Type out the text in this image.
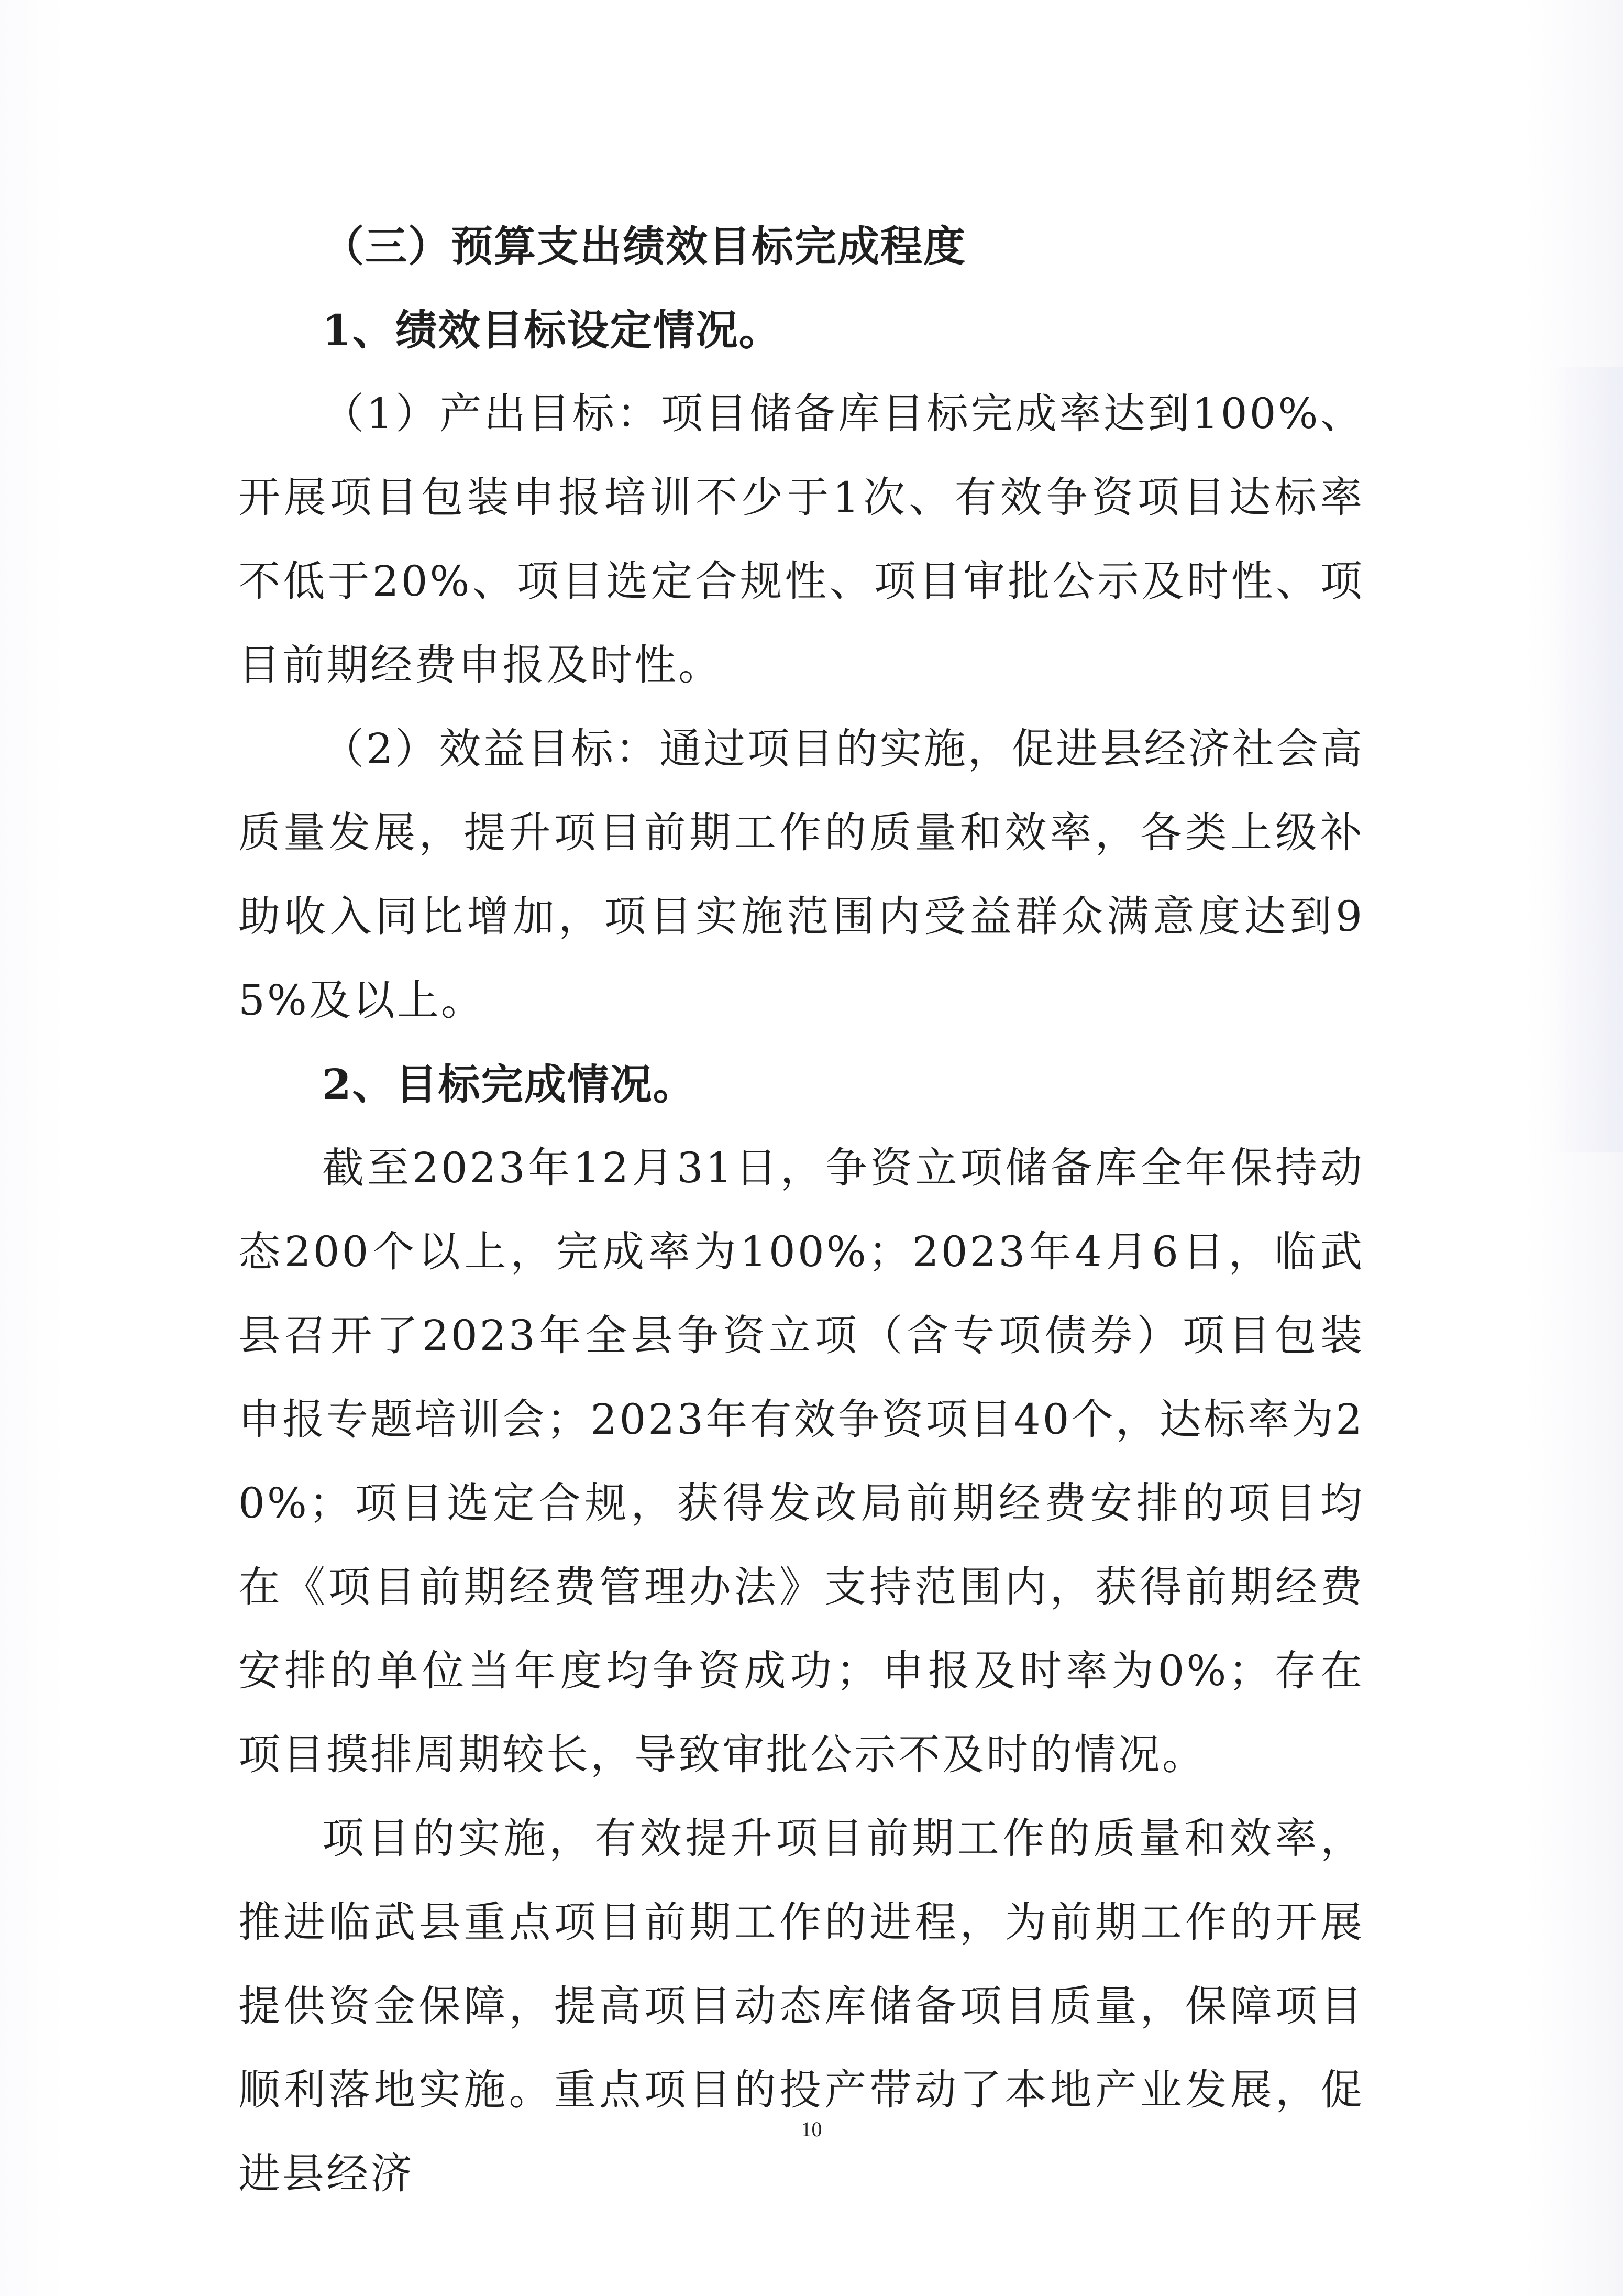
（三）预算支出绩效目标完成程度

1、绩效目标设定情况。

（1）产出目标：项目储备库目标完成率达到100%、开展项目包装申报培训不少于1次、有效争资项目达标率不低于20%、项目选定合规性、项目审批公示及时性、项目前期经费申报及时性。

（2）效益目标：通过项目的实施，促进县经济社会高质量发展，提升项目前期工作的质量和效率，各类上级补助收入同比增加，项目实施范围内受益群众满意度达到95%及以上。

2、目标完成情况。

截至2023年12月31日，争资立项储备库全年保持动态200个以上，完成率为100%；2023年4月6日，临武县召开了2023年全县争资立项（含专项债券）项目包装申报专题培训会；2023年有效争资项目40个，达标率为20%；项目选定合规，获得发改局前期经费安排的项目均在《项目前期经费管理办法》支持范围内，获得前期经费安排的单位当年度均争资成功；申报及时率为0%；存在项目摸排周期较长，导致审批公示不及时的情况。

项目的实施，有效提升项目前期工作的质量和效率，推进临武县重点项目前期工作的进程，为前期工作的开展提供资金保障，提高项目动态库储备项目质量，保障项目顺利落地实施。重点项目的投产带动了本地产业发展，促进县经济

10
